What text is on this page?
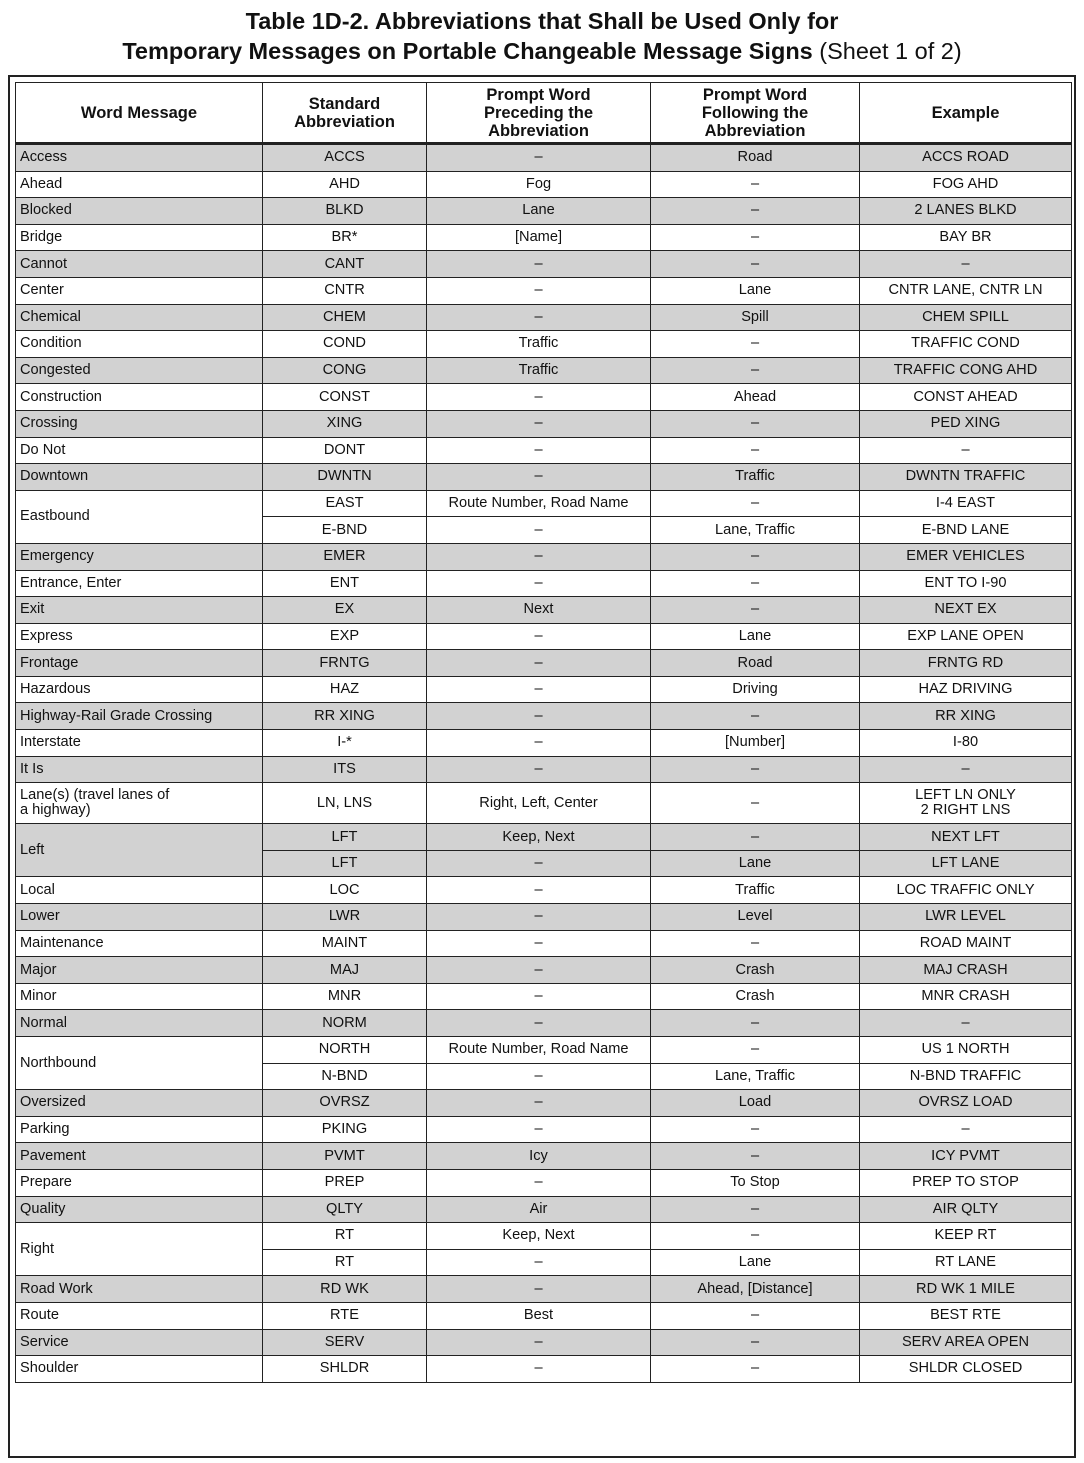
Table 1D-2. Abbreviations that Shall be Used Only for
Temporary Messages on Portable Changeable Message Signs (Sheet 1 of 2)
Word Message	Standard Abbreviation	Prompt Word Preceding the Abbreviation	Prompt Word Following the Abbreviation	Example
Access	ACCS	–	Road	ACCS ROAD
Ahead	AHD	Fog	–	FOG AHD
Blocked	BLKD	Lane	–	2 LANES BLKD
Bridge	BR*	[Name]	–	BAY BR
Cannot	CANT	–	–	–
Center	CNTR	–	Lane	CNTR LANE, CNTR LN
Chemical	CHEM	–	Spill	CHEM SPILL
Condition	COND	Traffic	–	TRAFFIC COND
Congested	CONG	Traffic	–	TRAFFIC CONG AHD
Construction	CONST	–	Ahead	CONST AHEAD
Crossing	XING	–	–	PED XING
Do Not	DONT	–	–	–
Downtown	DWNTN	–	Traffic	DWNTN TRAFFIC
Eastbound	EAST	Route Number, Road Name	–	I-4 EAST
	E-BND	–	Lane, Traffic	E-BND LANE
Emergency	EMER	–	–	EMER VEHICLES
Entrance, Enter	ENT	–	–	ENT TO I-90
Exit	EX	Next	–	NEXT EX
Express	EXP	–	Lane	EXP LANE OPEN
Frontage	FRNTG	–	Road	FRNTG RD
Hazardous	HAZ	–	Driving	HAZ DRIVING
Highway-Rail Grade Crossing	RR XING	–	–	RR XING
Interstate	I-*	–	[Number]	I-80
It Is	ITS	–	–	–
Lane(s) (travel lanes of
a highway)	LN, LNS	Right, Left, Center	–	LEFT LN ONLY
2 RIGHT LNS
Left	LFT	Keep, Next	–	NEXT LFT
	LFT	–	Lane	LFT LANE
Local	LOC	–	Traffic	LOC TRAFFIC ONLY
Lower	LWR	–	Level	LWR LEVEL
Maintenance	MAINT	–	–	ROAD MAINT
Major	MAJ	–	Crash	MAJ CRASH
Minor	MNR	–	Crash	MNR CRASH
Normal	NORM	–	–	–
Northbound	NORTH	Route Number, Road Name	–	US 1 NORTH
	N-BND	–	Lane, Traffic	N-BND TRAFFIC
Oversized	OVRSZ	–	Load	OVRSZ LOAD
Parking	PKING	–	–	–
Pavement	PVMT	Icy	–	ICY PVMT
Prepare	PREP	–	To Stop	PREP TO STOP
Quality	QLTY	Air	–	AIR QLTY
Right	RT	Keep, Next	–	KEEP RT
	RT	–	Lane	RT LANE
Road Work	RD WK	–	Ahead, [Distance]	RD WK 1 MILE
Route	RTE	Best	–	BEST RTE
Service	SERV	–	–	SERV AREA OPEN
Shoulder	SHLDR	–	–	SHLDR CLOSED
